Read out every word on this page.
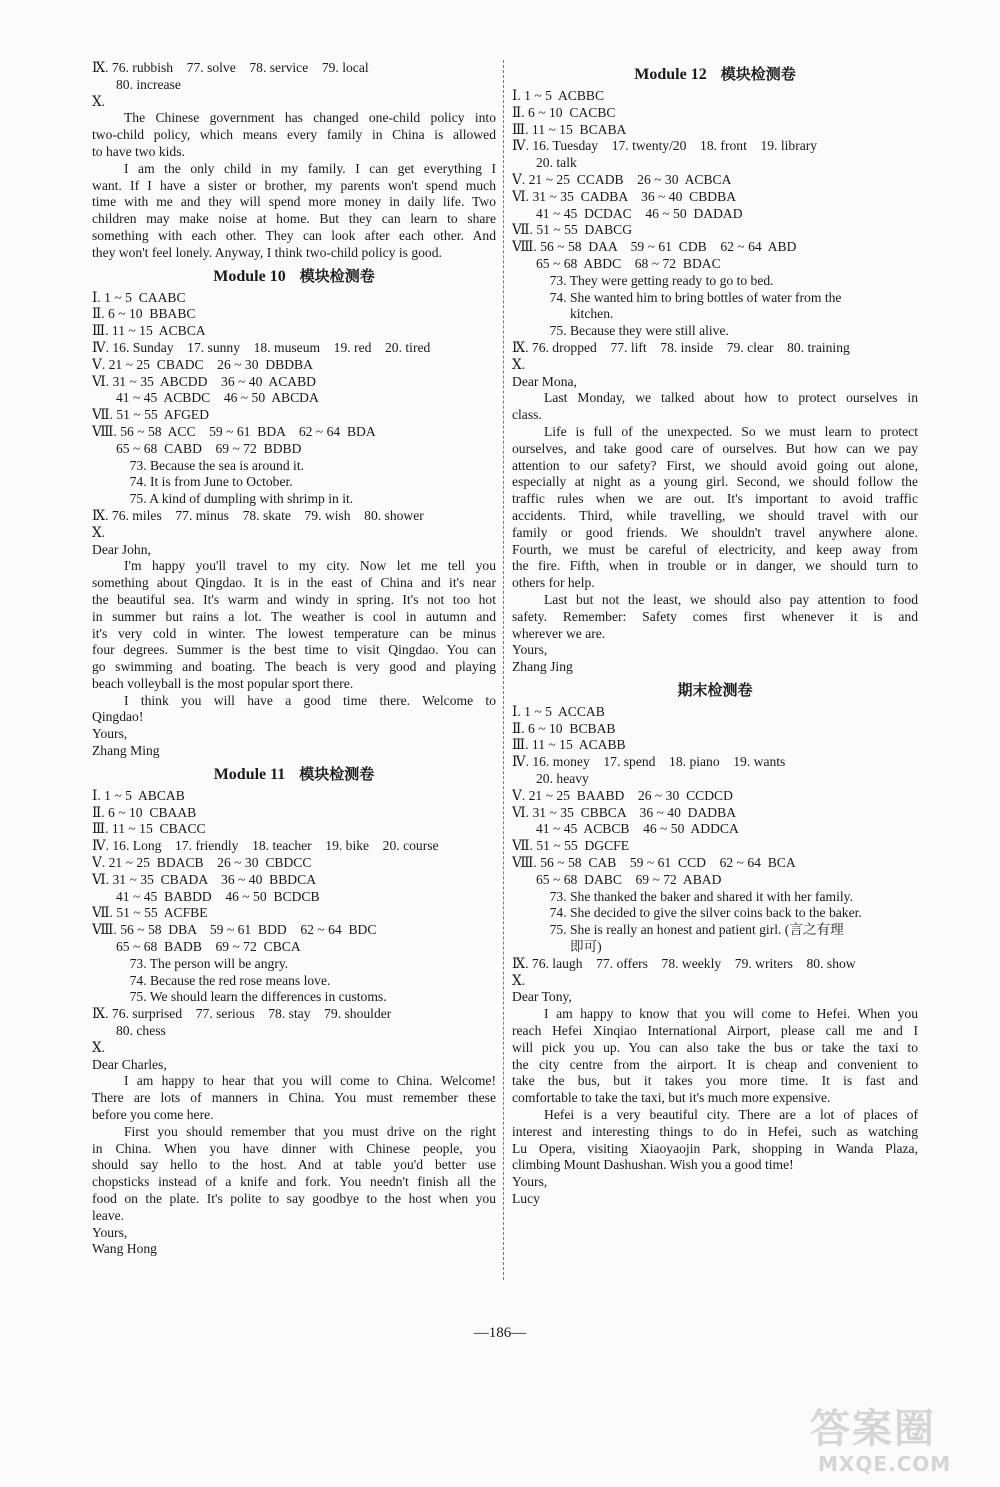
Ⅸ. 76. rubbish    77. solve    78. service    79. local
80. increase
Ⅹ.
The Chinese government has changed one-child policy into
two-child policy, which means every family in China is allowed
to have two kids.
I am the only child in my family. I can get everything I
want. If I have a sister or brother, my parents won't spend much
time with me and they will spend more money in daily life. Two
children may make noise at home. But they can learn to share
something with each other. They can look after each other. And
they won't feel lonely. Anyway, I think two-child policy is good.
Module 10 模块检测卷
Ⅰ. 1 ~ 5  CAABC
Ⅱ. 6 ~ 10  BBABC
Ⅲ. 11 ~ 15  ACBCA
Ⅳ. 16. Sunday    17. sunny    18. museum    19. red    20. tired
Ⅴ. 21 ~ 25  CBADC    26 ~ 30  DBDBA
Ⅵ. 31 ~ 35  ABCDD    36 ~ 40  ACABD
41 ~ 45  ACBDC    46 ~ 50  ABCDA
Ⅶ. 51 ~ 55  AFGED
Ⅷ. 56 ~ 58  ACC    59 ~ 61  BDA    62 ~ 64  BDA
65 ~ 68  CABD    69 ~ 72  BDBD
73. Because the sea is around it.
74. It is from June to October.
75. A kind of dumpling with shrimp in it.
Ⅸ. 76. miles    77. minus    78. skate    79. wish    80. shower
Ⅹ.
Dear John,
I'm happy you'll travel to my city. Now let me tell you
something about Qingdao. It is in the east of China and it's near
the beautiful sea. It's warm and windy in spring. It's not too hot
in summer but rains a lot. The weather is cool in autumn and
it's very cold in winter. The lowest temperature can be minus
four degrees. Summer is the best time to visit Qingdao. You can
go swimming and boating. The beach is very good and playing
beach volleyball is the most popular sport there.
I think you will have a good time there. Welcome to
Qingdao!
Yours,
Zhang Ming
Module 11 模块检测卷
Ⅰ. 1 ~ 5  ABCAB
Ⅱ. 6 ~ 10  CBAAB
Ⅲ. 11 ~ 15  CBACC
Ⅳ. 16. Long    17. friendly    18. teacher    19. bike    20. course
Ⅴ. 21 ~ 25  BDACB    26 ~ 30  CBDCC
Ⅵ. 31 ~ 35  CBADA    36 ~ 40  BBDCA
41 ~ 45  BABDD    46 ~ 50  BCDCB
Ⅶ. 51 ~ 55  ACFBE
Ⅷ. 56 ~ 58  DBA    59 ~ 61  BDD    62 ~ 64  BDC
65 ~ 68  BADB    69 ~ 72  CBCA
73. The person will be angry.
74. Because the red rose means love.
75. We should learn the differences in customs.
Ⅸ. 76. surprised    77. serious    78. stay    79. shoulder
80. chess
Ⅹ.
Dear Charles,
I am happy to hear that you will come to China. Welcome!
There are lots of manners in China. You must remember these
before you come here.
First you should remember that you must drive on the right
in China. When you have dinner with Chinese people, you
should say hello to the host. And at table you'd better use
chopsticks instead of a knife and fork. You needn't finish all the
food on the plate. It's polite to say goodbye to the host when you
leave.
Yours,
Wang Hong
Module 12 模块检测卷
Ⅰ. 1 ~ 5  ACBBC
Ⅱ. 6 ~ 10  CACBC
Ⅲ. 11 ~ 15  BCABA
Ⅳ. 16. Tuesday    17. twenty/20    18. front    19. library
20. talk
Ⅴ. 21 ~ 25  CCADB    26 ~ 30  ACBCA
Ⅵ. 31 ~ 35  CADBA    36 ~ 40  CBDBA
41 ~ 45  DCDAC    46 ~ 50  DADAD
Ⅶ. 51 ~ 55  DABCG
Ⅷ. 56 ~ 58  DAA    59 ~ 61  CDB    62 ~ 64  ABD
65 ~ 68  ABDC    68 ~ 72  BDAC
73. They were getting ready to go to bed.
74. She wanted him to bring bottles of water from the
kitchen.
75. Because they were still alive.
Ⅸ. 76. dropped    77. lift    78. inside    79. clear    80. training
Ⅹ.
Dear Mona,
Last Monday, we talked about how to protect ourselves in
class.
Life is full of the unexpected. So we must learn to protect
ourselves, and take good care of ourselves. But how can we pay
attention to our safety? First, we should avoid going out alone,
especially at night as a young girl. Second, we should follow the
traffic rules when we are out. It's important to avoid traffic
accidents. Third, while travelling, we should travel with our
family or good friends. We shouldn't travel anywhere alone.
Fourth, we must be careful of electricity, and keep away from
the fire. Fifth, when in trouble or in danger, we should turn to
others for help.
Last but not the least, we should also pay attention to food
safety. Remember: Safety comes first whenever it is and
wherever we are.
Yours,
Zhang Jing
期末检测卷
Ⅰ. 1 ~ 5  ACCAB
Ⅱ. 6 ~ 10  BCBAB
Ⅲ. 11 ~ 15  ACABB
Ⅳ. 16. money    17. spend    18. piano    19. wants
20. heavy
Ⅴ. 21 ~ 25  BAABD    26 ~ 30  CCDCD
Ⅵ. 31 ~ 35  CBBCA    36 ~ 40  DADBA
41 ~ 45  ACBCB    46 ~ 50  ADDCA
Ⅶ. 51 ~ 55  DGCFE
Ⅷ. 56 ~ 58  CAB    59 ~ 61  CCD    62 ~ 64  BCA
65 ~ 68  DABC    69 ~ 72  ABAD
73. She thanked the baker and shared it with her family.
74. She decided to give the silver coins back to the baker.
75. She is really an honest and patient girl. (言之有理
即可)
Ⅸ. 76. laugh    77. offers    78. weekly    79. writers    80. show
Ⅹ.
Dear Tony,
I am happy to know that you will come to Hefei. When you
reach Hefei Xinqiao International Airport, please call me and I
will pick you up. You can also take the bus or take the taxi to
the city centre from the airport. It is cheap and convenient to
take the bus, but it takes you more time. It is fast and
comfortable to take the taxi, but it's much more expensive.
Hefei is a very beautiful city. There are a lot of places of
interest and interesting things to do in Hefei, such as watching
Lu Opera, visiting Xiaoyaojin Park, shopping in Wanda Plaza,
climbing Mount Dashushan. Wish you a good time!
Yours,
Lucy
—186—
答案圈
MXQE.COM
